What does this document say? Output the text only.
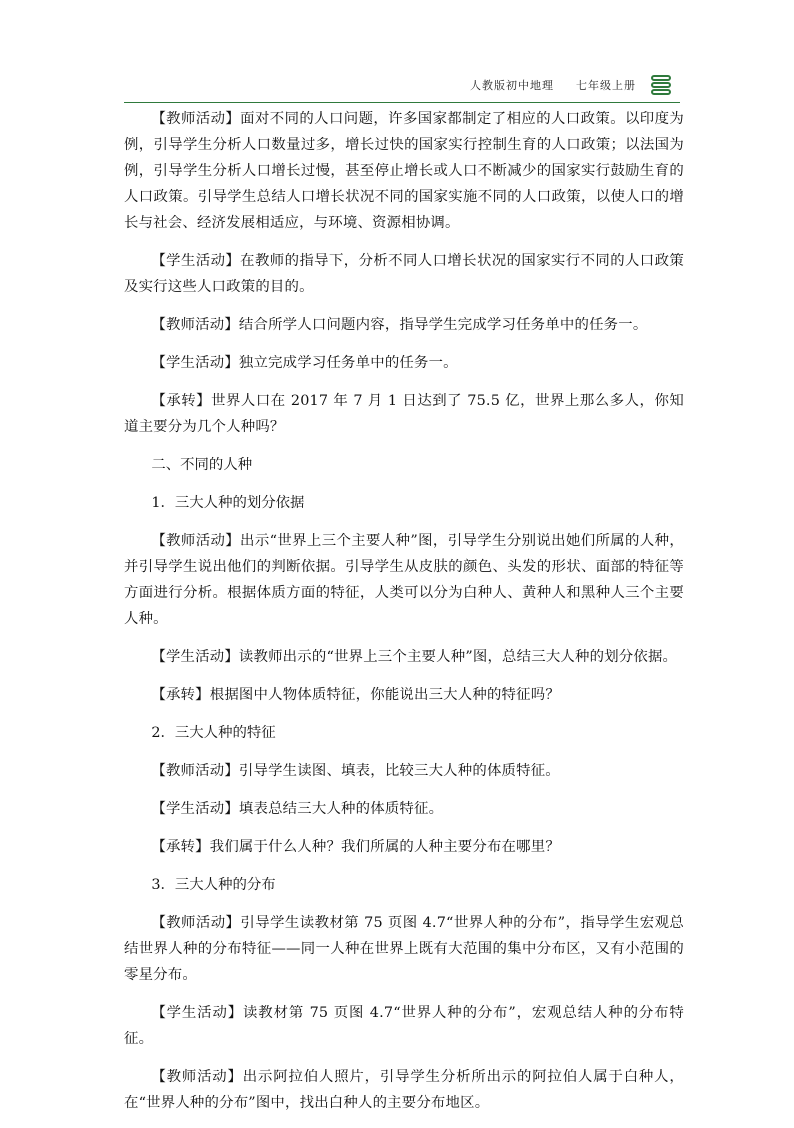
人教版初中地理 七年级上册

【教师活动】面对不同的人口问题，许多国家都制定了相应的人口政策。以印度为例，引导学生分析人口数量过多，增长过快的国家实行控制生育的人口政策；以法国为例，引导学生分析人口增长过慢，甚至停止增长或人口不断减少的国家实行鼓励生育的人口政策。引导学生总结人口增长状况不同的国家实施不同的人口政策，以使人口的增长与社会、经济发展相适应，与环境、资源相协调。

【学生活动】在教师的指导下，分析不同人口增长状况的国家实行不同的人口政策及实行这些人口政策的目的。

【教师活动】结合所学人口问题内容，指导学生完成学习任务单中的任务一。

【学生活动】独立完成学习任务单中的任务一。

【承转】世界人口在 2017 年 7 月 1 日达到了 75.5 亿，世界上那么多人，你知道主要分为几个人种吗？

二、不同的人种

1．三大人种的划分依据

【教师活动】出示“世界上三个主要人种”图，引导学生分别说出她们所属的人种，并引导学生说出他们的判断依据。引导学生从皮肤的颜色、头发的形状、面部的特征等方面进行分析。根据体质方面的特征，人类可以分为白种人、黄种人和黑种人三个主要人种。

【学生活动】读教师出示的“世界上三个主要人种”图，总结三大人种的划分依据。

【承转】根据图中人物体质特征，你能说出三大人种的特征吗？

2．三大人种的特征

【教师活动】引导学生读图、填表，比较三大人种的体质特征。

【学生活动】填表总结三大人种的体质特征。

【承转】我们属于什么人种？我们所属的人种主要分布在哪里？

3．三大人种的分布

【教师活动】引导学生读教材第 75 页图 4.7“世界人种的分布”，指导学生宏观总结世界人种的分布特征——同一人种在世界上既有大范围的集中分布区，又有小范围的零星分布。

【学生活动】读教材第 75 页图 4.7“世界人种的分布”，宏观总结人种的分布特征。

【教师活动】出示阿拉伯人照片，引导学生分析所出示的阿拉伯人属于白种人，在“世界人种的分布”图中，找出白种人的主要分布地区。
